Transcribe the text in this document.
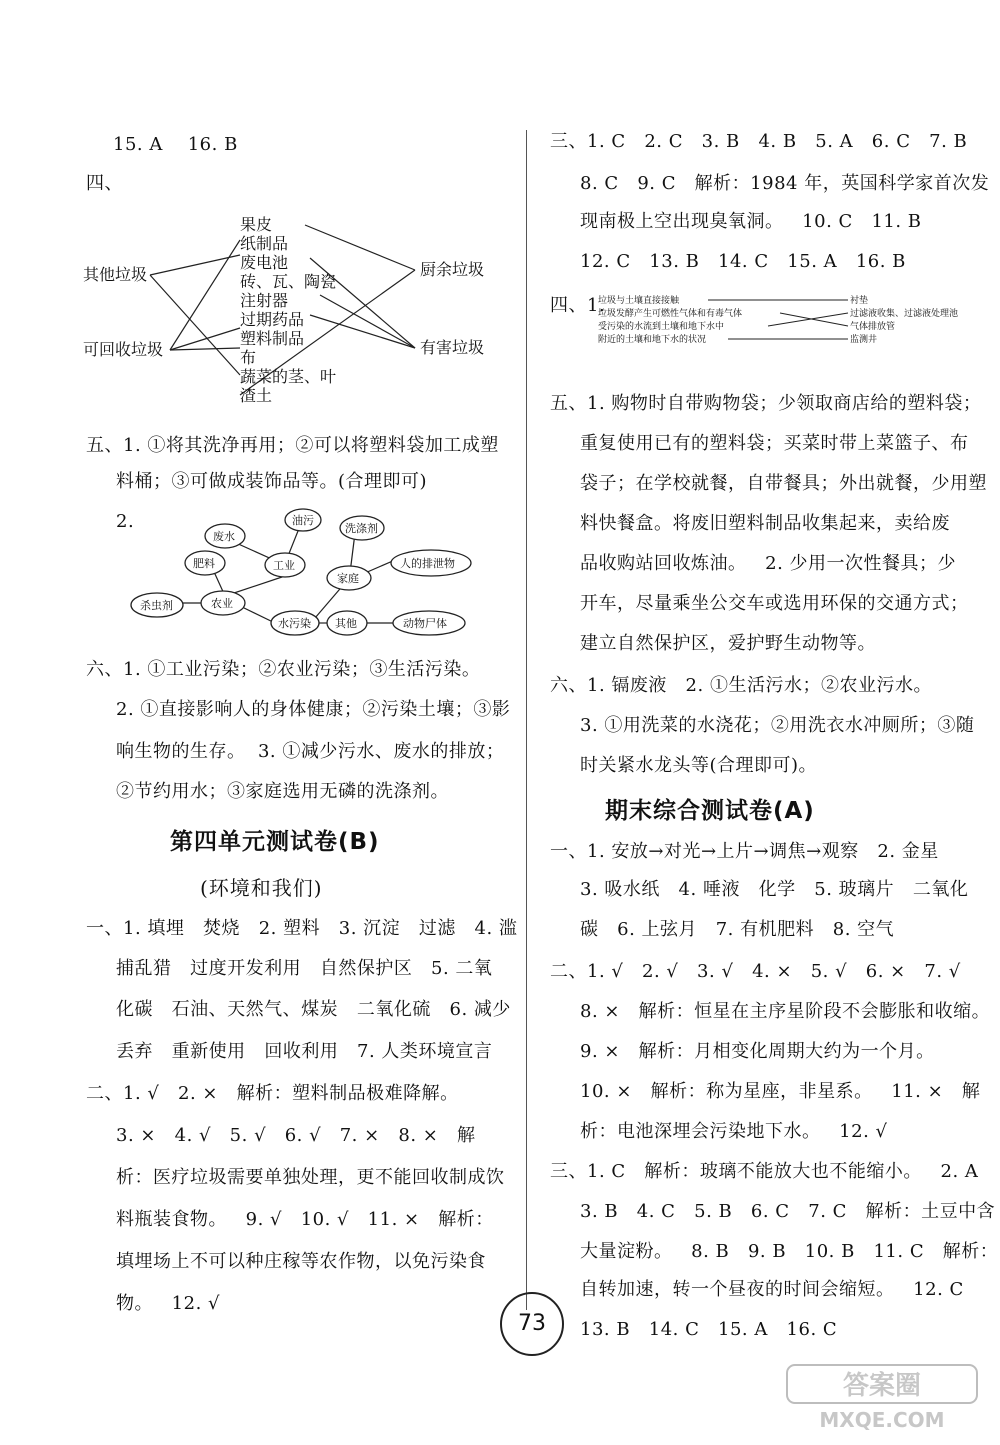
15. A    16. B
四、
果皮
纸制品
废电池
砖、瓦、陶瓷
注射器
过期药品
塑料制品
布
蔬菜的茎、叶
渣土
其他垃圾
可回收垃圾
厨余垃圾
有害垃圾
五、1. ①将其洗净再用；②可以将塑料袋加工成塑
料桶；③可做成装饰品等。(合理即可)
2.
废水
油污
洗涤剂
肥料	工业
家庭
人的排泄物
杀虫剂	农业
水污染 其他	动物尸体
六、1. ①工业污染；②农业污染；③生活污染。
2. ①直接影响人的身体健康；②污染土壤；③影
响生物的生存。  3. ①减少污水、废水的排放；
②节约用水；③家庭选用无磷的洗涤剂。
第四单元测试卷(B)
(环境和我们)
一、1. 填埋   焚烧   2. 塑料   3. 沉淀   过滤   4. 滥
捕乱猎   过度开发利用   自然保护区   5. 二氧
化碳   石油、天然气、煤炭   二氧化硫   6. 减少
丢弃   重新使用   回收利用   7. 人类环境宣言
二、1. √   2. ×   解析：塑料制品极难降解。
3. ×   4. √   5. √   6. √   7. ×   8. ×   解
析：医疗垃圾需要单独处理，更不能回收制成饮
料瓶装食物。   9. √   10. √   11. ×   解析：
填埋场上不可以种庄稼等农作物，以免污染食
物。   12. √
三、1. C   2. C   3. B   4. B   5. A   6. C   7. B
8. C   9. C   解析：1984 年，英国科学家首次发
现南极上空出现臭氧洞。   10. C   11. B
12. C   13. B   14. C   15. A   16. B
四、1.
垃圾与土壤直接接触
垃圾发酵产生可燃性气体和有毒气体
受污染的水流到土壤和地下水中
附近的土壤和地下水的状况
衬垫
过滤液收集、过滤液处理池
气体排放管
监测井
五、1. 购物时自带购物袋；少领取商店给的塑料袋；
重复使用已有的塑料袋；买菜时带上菜篮子、布
袋子；在学校就餐，自带餐具；外出就餐，少用塑
料快餐盒。将废旧塑料制品收集起来，卖给废
品收购站回收炼油。   2. 少用一次性餐具；少
开车，尽量乘坐公交车或选用环保的交通方式；
建立自然保护区，爱护野生动物等。
六、1. 镉废液   2. ①生活污水；②农业污水。
3. ①用洗菜的水浇花；②用洗衣水冲厕所；③随
时关紧水龙头等(合理即可)。
期末综合测试卷(A)
一、1. 安放→对光→上片→调焦→观察   2. 金星
3. 吸水纸   4. 唾液   化学   5. 玻璃片   二氧化
碳   6. 上弦月   7. 有机肥料   8. 空气
二、1. √   2. √   3. √   4. ×   5. √   6. ×   7. √
8. ×   解析：恒星在主序星阶段不会膨胀和收缩。
9. ×   解析：月相变化周期大约为一个月。
10. ×   解析：称为星座，非星系。   11. ×   解
析：电池深埋会污染地下水。   12. √
三、1. C   解析：玻璃不能放大也不能缩小。   2. A
3. B   4. C   5. B   6. C   7. C   解析：土豆中含
大量淀粉。   8. B   9. B   10. B   11. C   解析：
自转加速，转一个昼夜的时间会缩短。   12. C
13. B   14. C   15. A   16. C
73
答案圈
MXQE.COM
